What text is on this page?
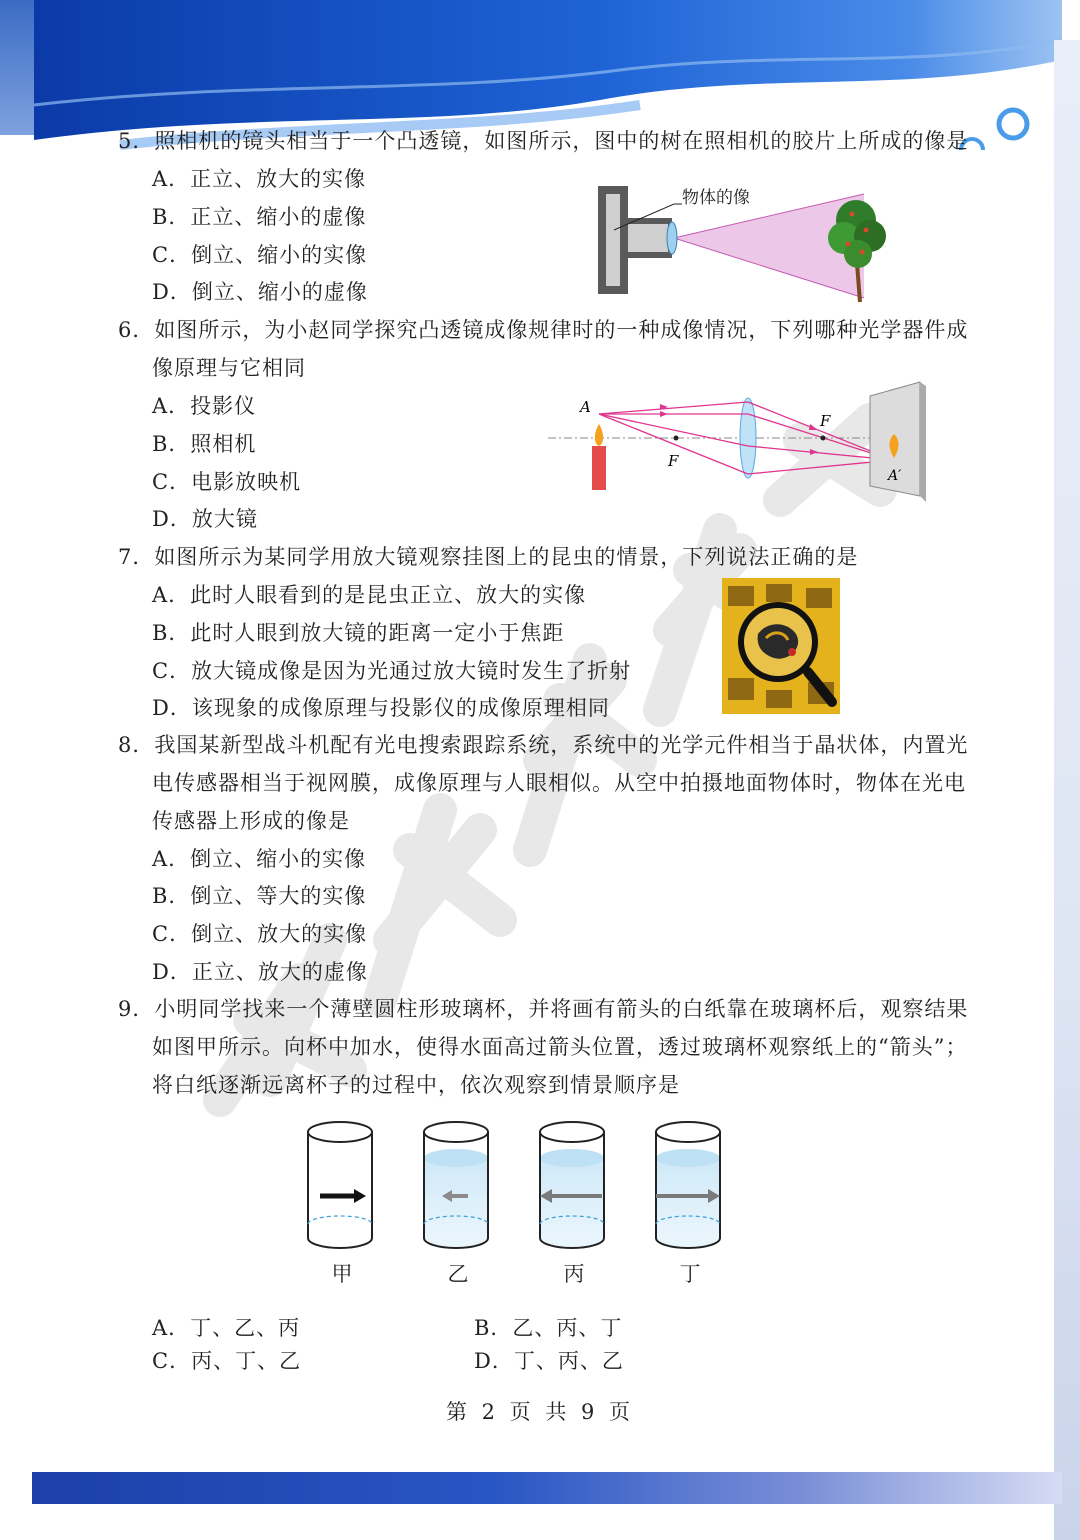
5．照相机的镜头相当于一个凸透镜，如图所示，图中的树在照相机的胶片上所成的像是
A．正立、放大的实像
B．正立、缩小的虚像
C．倒立、缩小的实像
D．倒立、缩小的虚像
物体的像
6．如图所示，为小赵同学探究凸透镜成像规律时的一种成像情况，下列哪种光学器件成
像原理与它相同
A．投影仪
B．照相机
C．电影放映机
D．放大镜
A
F
F
A′
7．如图所示为某同学用放大镜观察挂图上的昆虫的情景，下列说法正确的是
A．此时人眼看到的是昆虫正立、放大的实像
B．此时人眼到放大镜的距离一定小于焦距
C．放大镜成像是因为光通过放大镜时发生了折射
D．该现象的成像原理与投影仪的成像原理相同
8．我国某新型战斗机配有光电搜索跟踪系统，系统中的光学元件相当于晶状体，内置光
电传感器相当于视网膜，成像原理与人眼相似。从空中拍摄地面物体时，物体在光电
传感器上形成的像是
A．倒立、缩小的实像
B．倒立、等大的实像
C．倒立、放大的实像
D．正立、放大的虚像
9．小明同学找来一个薄壁圆柱形玻璃杯，并将画有箭头的白纸靠在玻璃杯后，观察结果
如图甲所示。向杯中加水，使得水面高过箭头位置，透过玻璃杯观察纸上的“箭头”；
将白纸逐渐远离杯子的过程中，依次观察到情景顺序是
甲	乙	丙	丁
A．丁、乙、丙	B．乙、丙、丁
C．丙、丁、乙	D．丁、丙、乙
第 2 页 共 9 页
